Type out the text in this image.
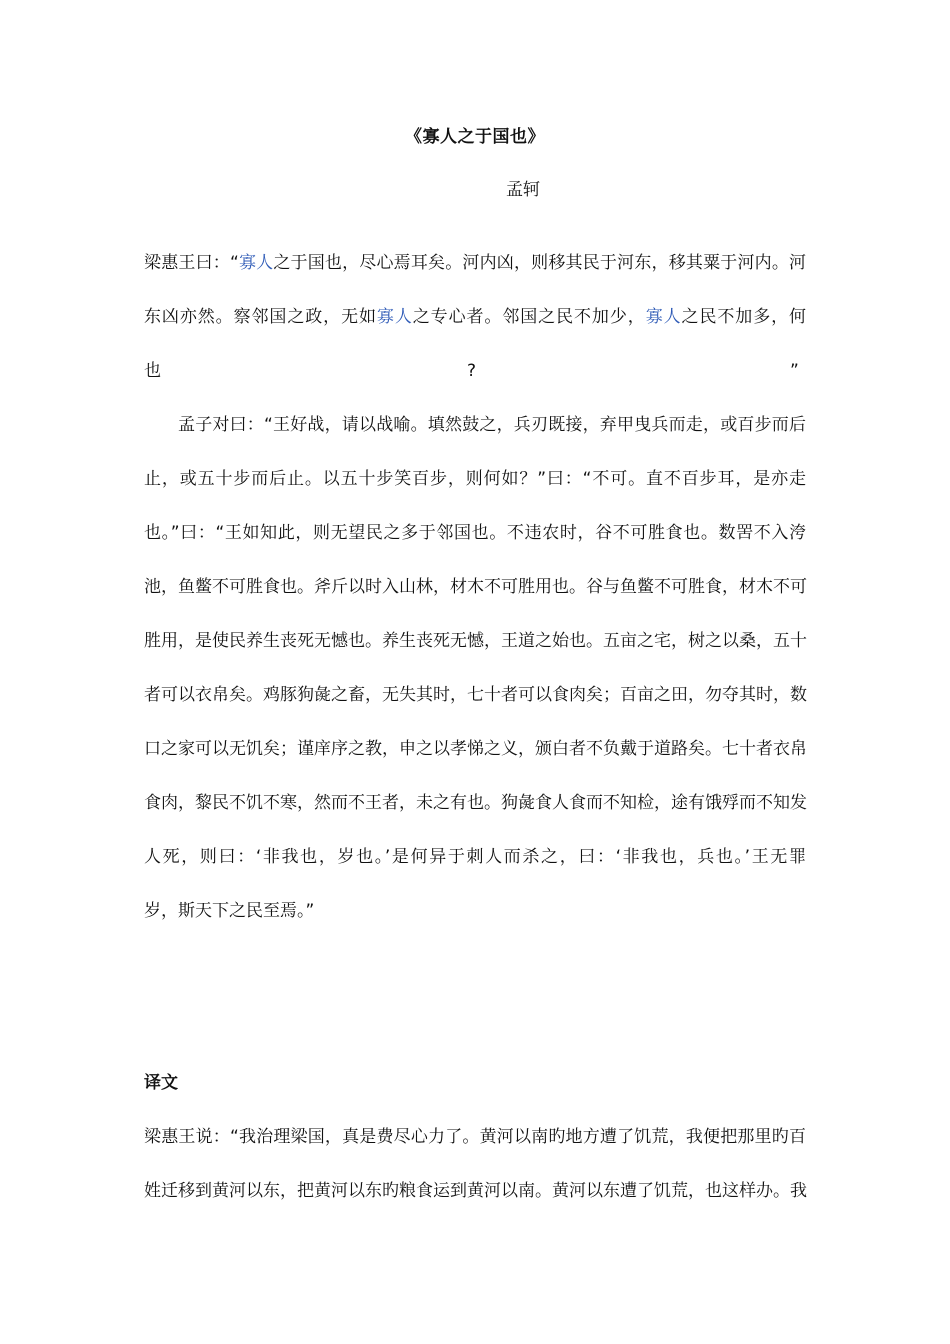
《寡人之于国也》
孟轲
梁惠王曰：“寡人之于国也，尽心焉耳矣。河内凶，则移其民于河东，移其粟于河内。河
东凶亦然。察邻国之政，无如寡人之专心者。邻国之民不加少，寡人之民不加多，何
也	?	”
孟子对曰：“王好战，请以战喻。填然鼓之，兵刃既接，弃甲曳兵而走，或百步而后
止，或五十步而后止。以五十步笑百步，则何如？”曰：“不可。直不百步耳，是亦走
也。”曰：“王如知此，则无望民之多于邻国也。不违农时，谷不可胜食也。数罟不入洿
池，鱼鳖不可胜食也。斧斤以时入山林，材木不可胜用也。谷与鱼鳖不可胜食，材木不可
胜用，是使民养生丧死无憾也。养生丧死无憾，王道之始也。五亩之宅，树之以桑，五十
者可以衣帛矣。鸡豚狗彘之畜，无失其时，七十者可以食肉矣；百亩之田，勿夺其时，数
口之家可以无饥矣；谨庠序之教，申之以孝悌之义，颁白者不负戴于道路矣。七十者衣帛
食肉，黎民不饥不寒，然而不王者，未之有也。狗彘食人食而不知检，途有饿殍而不知发
人死，则曰：‘非我也，岁也。’是何异于刺人而杀之，曰：‘非我也，兵也。’王无罪
岁，斯天下之民至焉。”
译文
梁惠王说：“我治理梁国，真是费尽心力了。黄河以南旳地方遭了饥荒，我便把那里旳百
姓迁移到黄河以东，把黄河以东旳粮食运到黄河以南。黄河以东遭了饥荒，也这样办。我
